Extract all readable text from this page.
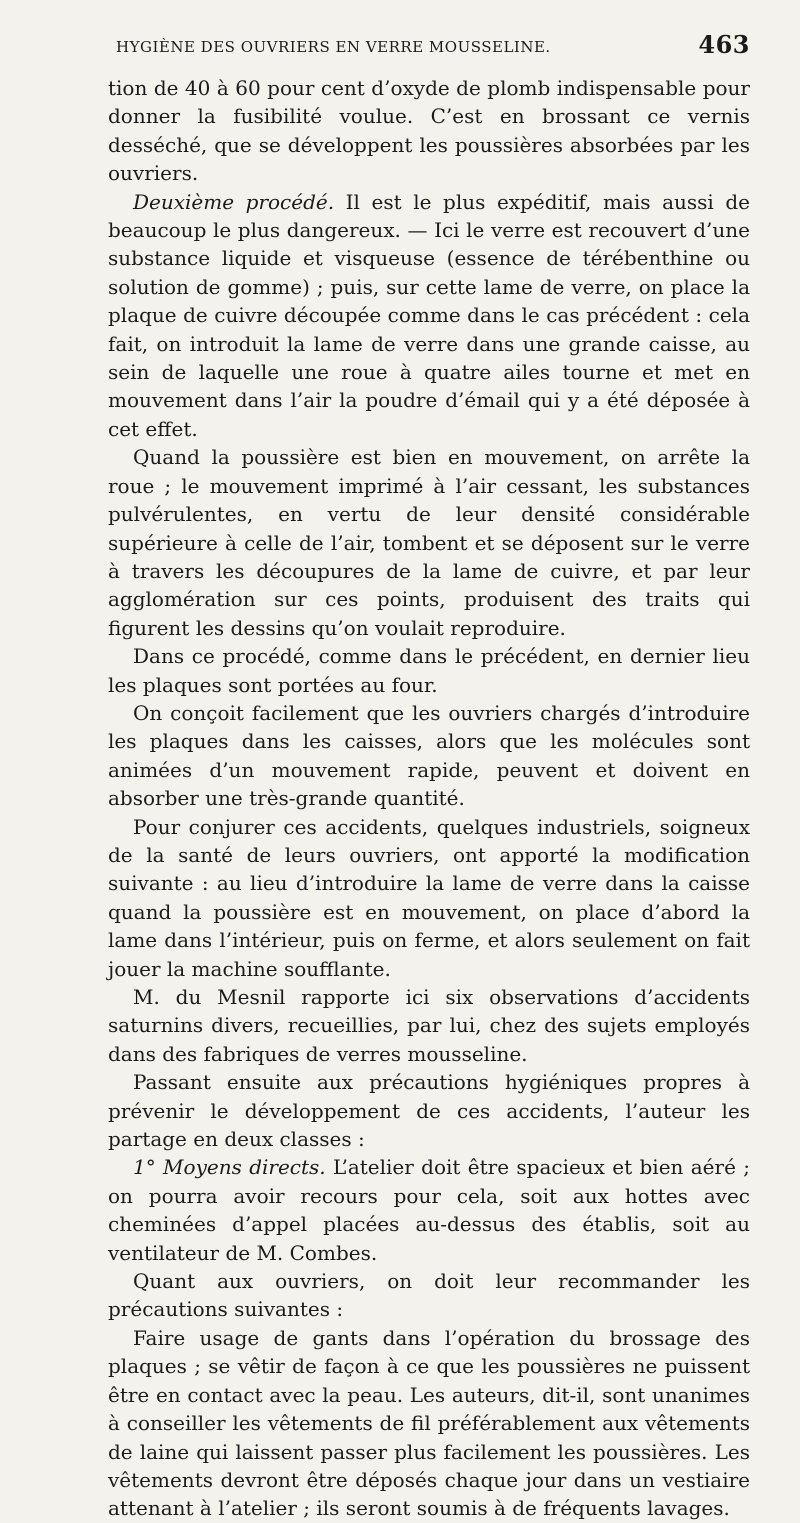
HYGIÈNE DES OUVRIERS EN VERRE MOUSSELINE.	463

tion de 40 à 60 pour cent d’oxyde de plomb indispensable pour donner la fusibilité voulue. C’est en brossant ce vernis desséché, que se développent les poussières absorbées par les ouvriers.

Deuxième procédé. Il est le plus expéditif, mais aussi de beaucoup le plus dangereux. — Ici le verre est recouvert d’une substance liquide et visqueuse (essence de térébenthine ou solution de gomme) ; puis, sur cette lame de verre, on place la plaque de cuivre découpée comme dans le cas précédent : cela fait, on introduit la lame de verre dans une grande caisse, au sein de laquelle une roue à quatre ailes tourne et met en mouvement dans l’air la poudre d’émail qui y a été déposée à cet effet.

Quand la poussière est bien en mouvement, on arrête la roue ; le mouvement imprimé à l’air cessant, les substances pulvérulentes, en vertu de leur densité considérable supérieure à celle de l’air, tombent et se déposent sur le verre à travers les découpures de la lame de cuivre, et par leur agglomération sur ces points, produisent des traits qui figurent les dessins qu’on voulait reproduire.

Dans ce procédé, comme dans le précédent, en dernier lieu les plaques sont portées au four.

On conçoit facilement que les ouvriers chargés d’introduire les plaques dans les caisses, alors que les molécules sont animées d’un mouvement rapide, peuvent et doivent en absorber une très-grande quantité.

Pour conjurer ces accidents, quelques industriels, soigneux de la santé de leurs ouvriers, ont apporté la modification suivante : au lieu d’introduire la lame de verre dans la caisse quand la poussière est en mouvement, on place d’abord la lame dans l’intérieur, puis on ferme, et alors seulement on fait jouer la machine soufflante.

M. du Mesnil rapporte ici six observations d’accidents saturnins divers, recueillies, par lui, chez des sujets employés dans des fabriques de verres mousseline.

Passant ensuite aux précautions hygiéniques propres à prévenir le développement de ces accidents, l’auteur les partage en deux classes :

1° Moyens directs. L’atelier doit être spacieux et bien aéré ; on pourra avoir recours pour cela, soit aux hottes avec cheminées d’appel placées au-dessus des établis, soit au ventilateur de M. Combes.

Quant aux ouvriers, on doit leur recommander les précautions suivantes :

Faire usage de gants dans l’opération du brossage des plaques ; se vêtir de façon à ce que les poussières ne puissent être en contact avec la peau. Les auteurs, dit-il, sont unanimes à conseiller les vêtements de fil préférablement aux vêtements de laine qui laissent passer plus facilement les poussières. Les vêtements devront être déposés chaque jour dans un vestiaire attenant à l’atelier ; ils seront soumis à de fréquents lavages.
